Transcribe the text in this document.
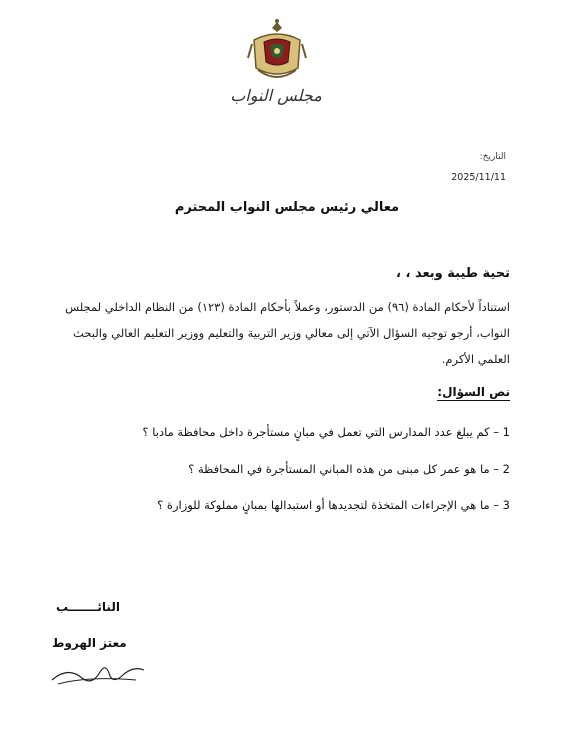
مجلس النواب
التاريخ:
2025/11/11
معالي رئيس مجلس النواب المحترم
تحية طيبة وبعد ، ،
استناداً لأحكام المادة (٩٦) من الدستور، وعملاً بأحكام المادة (١٢٣) من النظام الداخلي لمجلس النواب، أرجو توجيه السؤال الآتي إلى معالي وزير التربية والتعليم ووزير التعليم العالي والبحث العلمي الأكرم.
نص السؤال:
1 – كم يبلغ عدد المدارس التي تعمل في مبانٍ مستأجرة داخل محافظة مادبا ؟
2 – ما هو عمر كل مبنى من هذه المباني المستأجرة في المحافظة ؟
3 – ما هي الإجراءات المتخذة لتجديدها أو استبدالها بمبانٍ مملوكة للوزارة ؟
النائـــــــب
معتز الهروط
